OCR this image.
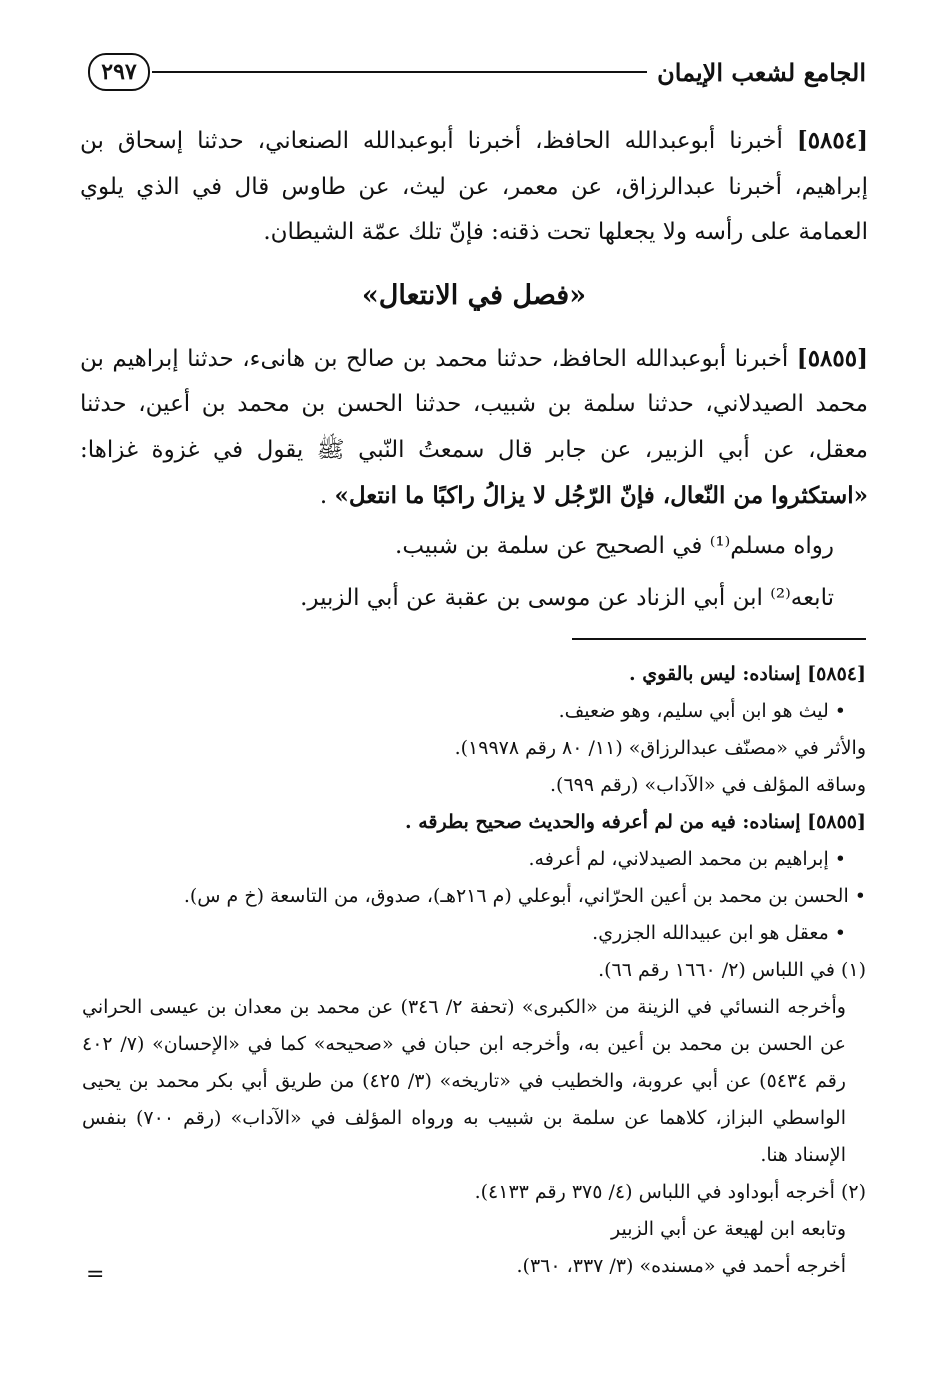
الجامع لشعب الإيمان
٢٩٧

[٥٨٥٤] أخبرنا أبوعبدالله الحافظ، أخبرنا أبوعبدالله الصنعاني، حدثنا إسحاق بن إبراهيم، أخبرنا عبدالرزاق، عن معمر، عن ليث، عن طاوس قال في الذي يلوي العمامة على رأسه ولا يجعلها تحت ذقنه: فإنّ تلك عمّة الشيطان.

«فصل في الانتعال»

[٥٨٥٥] أخبرنا أبوعبدالله الحافظ، حدثنا محمد بن صالح بن هانىء، حدثنا إبراهيم بن محمد الصيدلاني، حدثنا سلمة بن شبيب، حدثنا الحسن بن محمد بن أعين، حدثنا معقل، عن أبي الزبير، عن جابر قال سمعتُ النّبي ﷺ يقول في غزوة غزاها: «استكثروا من النّعال، فإنّ الرّجُل لا يزالُ راكبًا ما انتعل» .

رواه مسلم⁽¹⁾ في الصحيح عن سلمة بن شبيب.

تابعه⁽²⁾ ابن أبي الزناد عن موسى بن عقبة عن أبي الزبير.

[٥٨٥٤] إسناده: ليس بالقوي .

• ليث هو ابن أبي سليم، وهو ضعيف.

والأثر في «مصنّف عبدالرزاق» (١١/ ٨٠ رقم ١٩٩٧٨).

وساقه المؤلف في «الآداب» (رقم ٦٩٩).

[٥٨٥٥] إسناده: فيه من لم أعرفه والحديث صحيح بطرقه .

• إبراهيم بن محمد الصيدلاني، لم أعرفه.

• الحسن بن محمد بن أعين الحرّاني، أبوعلي (م ٢١٦هـ)، صدوق، من التاسعة (خ م س).

• معقل هو ابن عبيدالله الجزري.

(١) في اللباس (٢/ ١٦٦٠ رقم ٦٦).

وأخرجه النسائي في الزينة من «الكبرى» (تحفة ٢/ ٣٤٦) عن محمد بن معدان بن عيسى الحراني عن الحسن بن محمد بن أعين به، وأخرجه ابن حبان في «صحيحه» كما في «الإحسان» (٧/ ٤٠٢ رقم ٥٤٣٤) عن أبي عروبة، والخطيب في «تاريخه» (٣/ ٤٢٥) من طريق أبي بكر محمد بن يحيى الواسطي البزاز، كلاهما عن سلمة بن شبيب به ورواه المؤلف في «الآداب» (رقم ٧٠٠) بنفس الإسناد هنا.

(٢) أخرجه أبوداود في اللباس (٤/ ٣٧٥ رقم ٤١٣٣).

وتابعه ابن لهيعة عن أبي الزبير

أخرجه أحمد في «مسنده» (٣/ ٣٣٧، ٣٦٠).

=
